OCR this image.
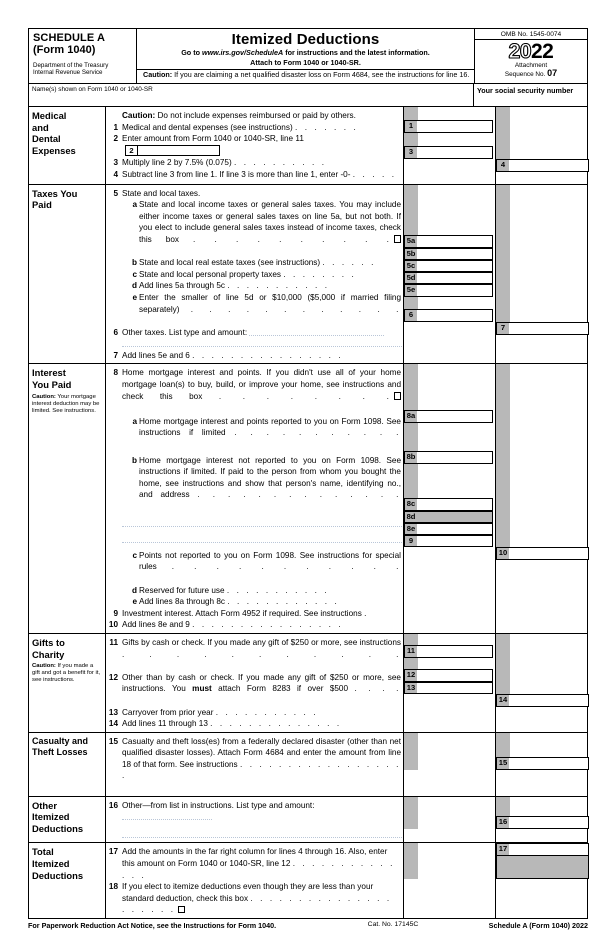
SCHEDULE A
(Form 1040)
Department of the Treasury
Internal Revenue Service
Itemized Deductions
Go to www.irs.gov/ScheduleA for instructions and the latest information.
Attach to Form 1040 or 1040-SR.
Caution: If you are claiming a net qualified disaster loss on Form 4684, see the instructions for line 16.
OMB No. 1545-0074
2022
Attachment
Sequence No. 07
Name(s) shown on Form 1040 or 1040-SR	Your social security number
Medical
and
Dental
Expenses
Caution: Do not include expenses reimbursed or paid by others.
1 Medical and dental expenses (see instructions) . . . . . . .
2 Enter amount from Form 1040 or 1040-SR, line 11
2
3 Multiply line 2 by 7.5% (0.075) . . . . . . . . . .
4 Subtract line 3 from line 1. If line 3 is more than line 1, enter -0- . . . . .
1
3
4
Taxes You
Paid
5 State and local taxes.
a State and local income taxes or general sales taxes. You may include either income taxes or general sales taxes on line 5a, but not both. If you elect to include general sales taxes instead of income taxes, check this box . . . . . . . . . .
b State and local real estate taxes (see instructions) . . . . . .
c State and local personal property taxes . . . . . . . .
d Add lines 5a through 5c . . . . . . . . . . .
e Enter the smaller of line 5d or $10,000 ($5,000 if married filing separately) . . . . . . . . . . . .
6 Other taxes. List type and amount:
7 Add lines 5e and 6 . . . . . . . . . . . . . . . .
5a
5b
5c
5d
5e
6
7
Interest
You Paid
Caution: Your mortgage interest deduction may be limited. See instructions.
8 Home mortgage interest and points. If you didn't use all of your home mortgage loan(s) to buy, build, or improve your home, see instructions and check this box . . . . . . . .
a Home mortgage interest and points reported to you on Form 1098. See instructions if limited . . . . . . . . . . .
b Home mortgage interest not reported to you on Form 1098. See instructions if limited. If paid to the person from whom you bought the home, see instructions and show that person's name, identifying no., and address . . . . . . . . . . . . . .
c Points not reported to you on Form 1098. See instructions for special rules . . . . . . . . . . .
d Reserved for future use . . . . . . . . . . .
e Add lines 8a through 8c . . . . . . . . . . . .
9 Investment interest. Attach Form 4952 if required. See instructions .
10 Add lines 8e and 9 . . . . . . . . . . . . . . . .
8a
8b
8c
8d
8e
9
10
Gifts to
Charity
Caution: If you made a gift and got a benefit for it, see instructions.
11 Gifts by cash or check. If you made any gift of $250 or more, see instructions . . . . . . . . . . .
12 Other than by cash or check. If you made any gift of $250 or more, see instructions. You must attach Form 8283 if over $500 . . . .
13 Carryover from prior year . . . . . . . . . . .
14 Add lines 11 through 13 . . . . . . . . . . . . . .
11
12
13
14
Casualty and
Theft Losses
15 Casualty and theft loss(es) from a federally declared disaster (other than net qualified disaster losses). Attach Form 4684 and enter the amount from line 18 of that form. See instructions . . . . . . . . . . . . . . . . . .
15
Other
Itemized
Deductions
16 Other—from list in instructions. List type and amount:
16
Total
Itemized
Deductions
17 Add the amounts in the far right column for lines 4 through 16. Also, enter this amount on Form 1040 or 1040-SR, line 12 . . . . . . . . . . . . . .
18 If you elect to itemize deductions even though they are less than your standard deduction, check this box . . . . . . . . . . . . . . . . . . . . .
17
For Paperwork Reduction Act Notice, see the Instructions for Form 1040.	Cat. No. 17145C	Schedule A (Form 1040) 2022
